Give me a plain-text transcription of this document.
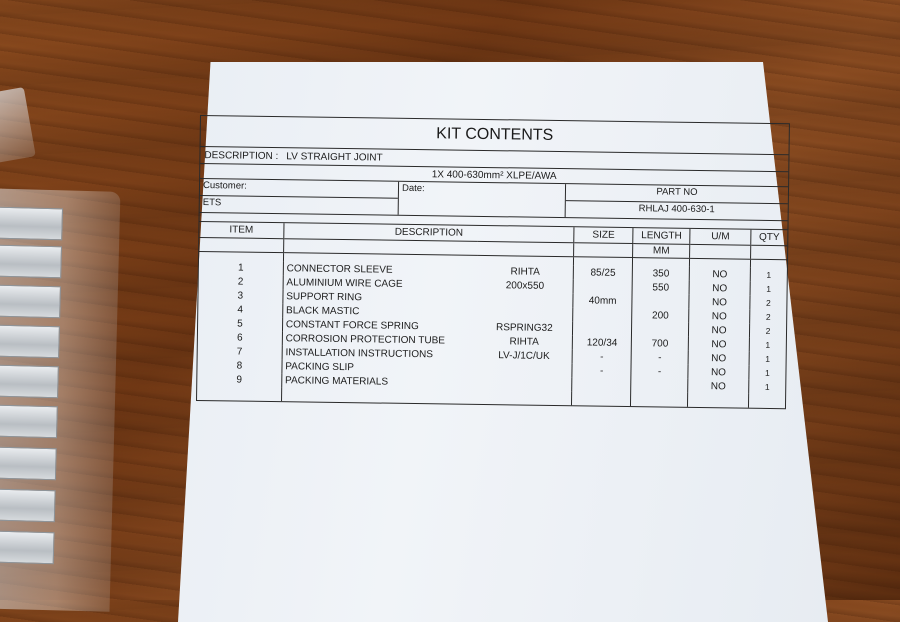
KIT CONTENTS
DESCRIPTION : LV STRAIGHT JOINT
1X 400-630mm² XLPE/AWA
Customer:
ETS
Date:	PART NO
RHLAJ 400-630-1
ITEM	DESCRIPTION		SIZE	LENGTH	U/M	QTY
				MM		

1	CONNECTOR SLEEVE	RIHTA	85/25	350	NO	1
2	ALUMINIUM WIRE CAGE	200x550		550	NO	1
3	SUPPORT RING		40mm		NO	2
4	BLACK MASTIC			200	NO	2
5	CONSTANT FORCE SPRING	RSPRING32			NO	2
6	CORROSION PROTECTION TUBE	RIHTA	120/34	700	NO	1
7	INSTALLATION INSTRUCTIONS	LV-J/1C/UK	-	-	NO	1
8	PACKING SLIP		-	-	NO	1
9	PACKING MATERIALS				NO	1
